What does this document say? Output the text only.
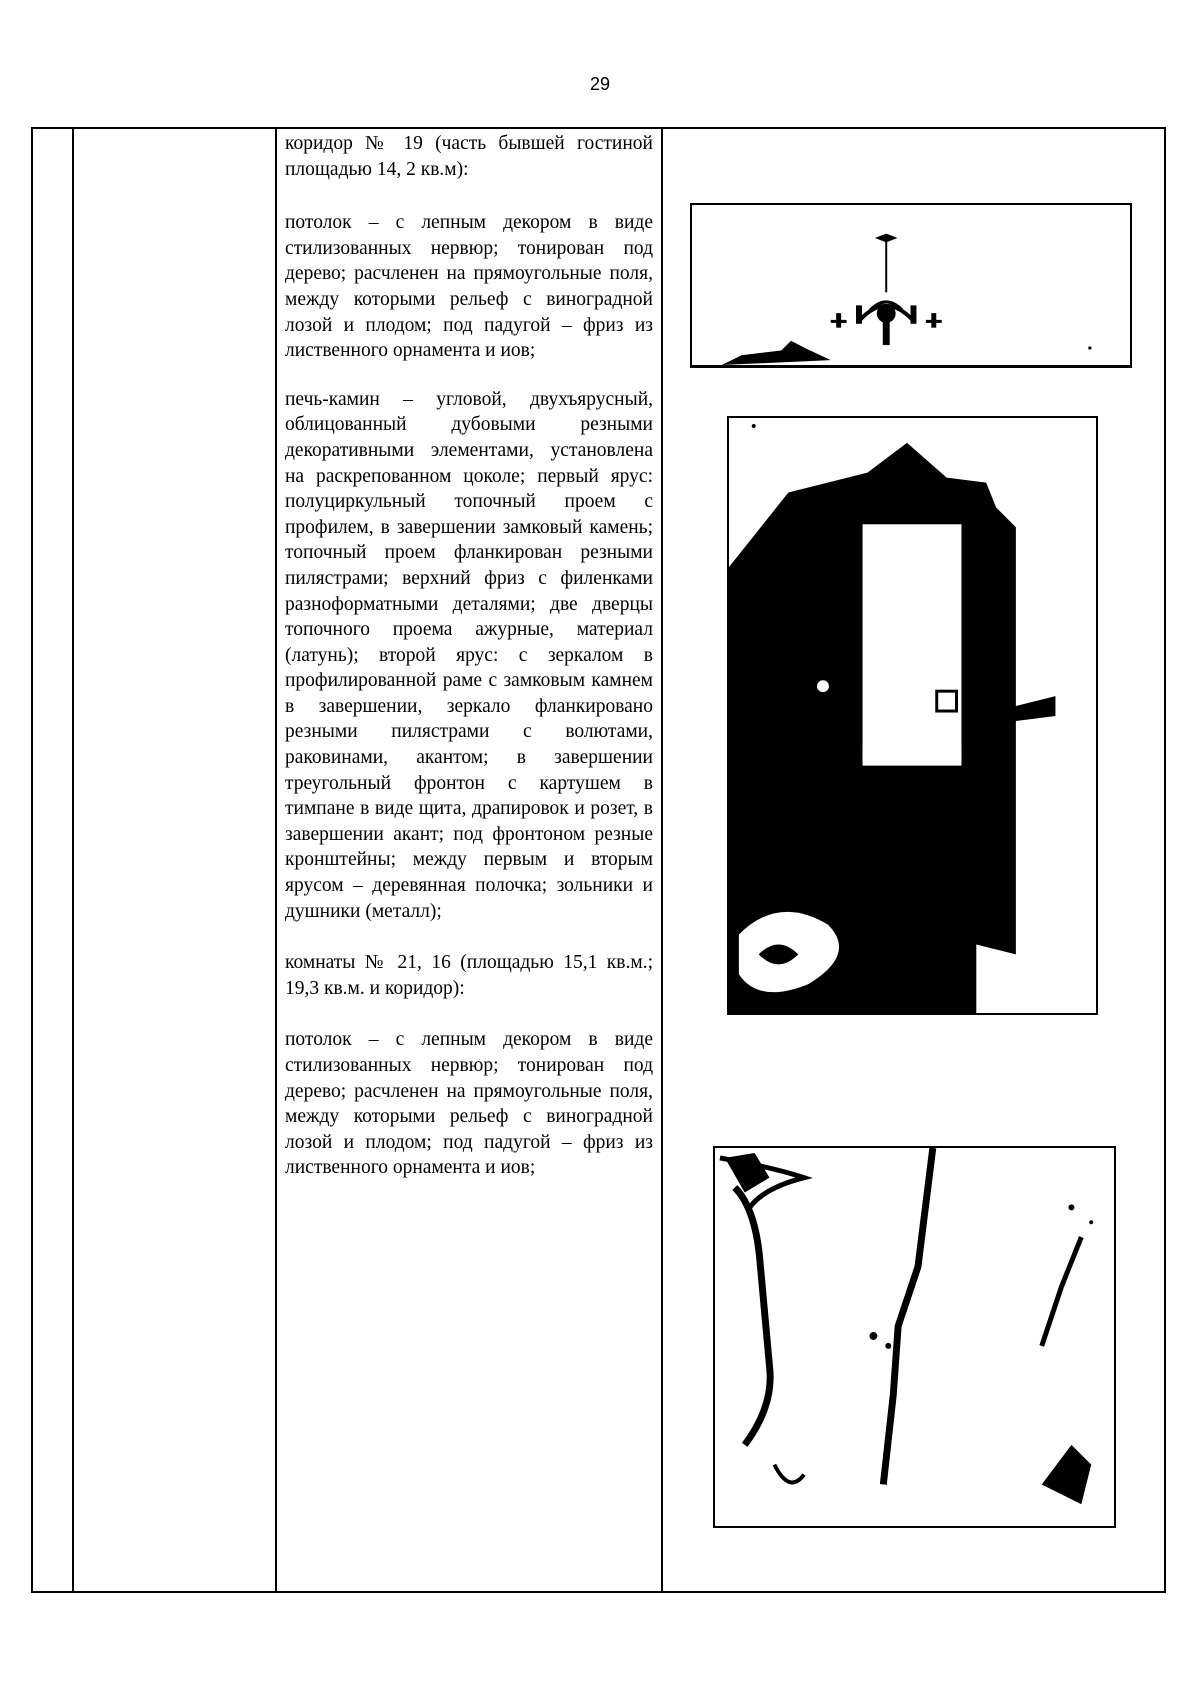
29

коридор № 19 (часть бывшей гостиной площадью 14, 2 кв.м):

потолок – с лепным декором в виде стилизованных нервюр; тонирован под дерево; расчленен на прямоугольные поля, между которыми рельеф с виноградной лозой и плодом; под падугой – фриз из лиственного орнамента и иов;

печь-камин – угловой, двухъярусный, облицованный дубовыми резными декоративными элементами, установлена на раскрепованном цоколе; первый ярус: полуциркульный топочный проем с профилем, в завершении замковый камень; топочный проем фланкирован резными пилястрами; верхний фриз с филенками разноформатными деталями; две дверцы топочного проема ажурные, материал (латунь); второй ярус: с зеркалом в профилированной раме с замковым камнем в завершении, зеркало фланкировано резными пилястрами с волютами, раковинами, акантом; в завершении треугольный фронтон с картушем в тимпане в виде щита, драпировок и розет, в завершении акант; под фронтоном резные кронштейны; между первым и вторым ярусом – деревянная полочка; зольники и душники (металл);

комнаты № 21, 16 (площадью 15,1 кв.м.; 19,3 кв.м. и коридор):

потолок – с лепным декором в виде стилизованных нервюр; тонирован под дерево; расчленен на прямоугольные поля, между которыми рельеф с виноградной лозой и плодом; под падугой – фриз из лиственного орнамента и иов;
